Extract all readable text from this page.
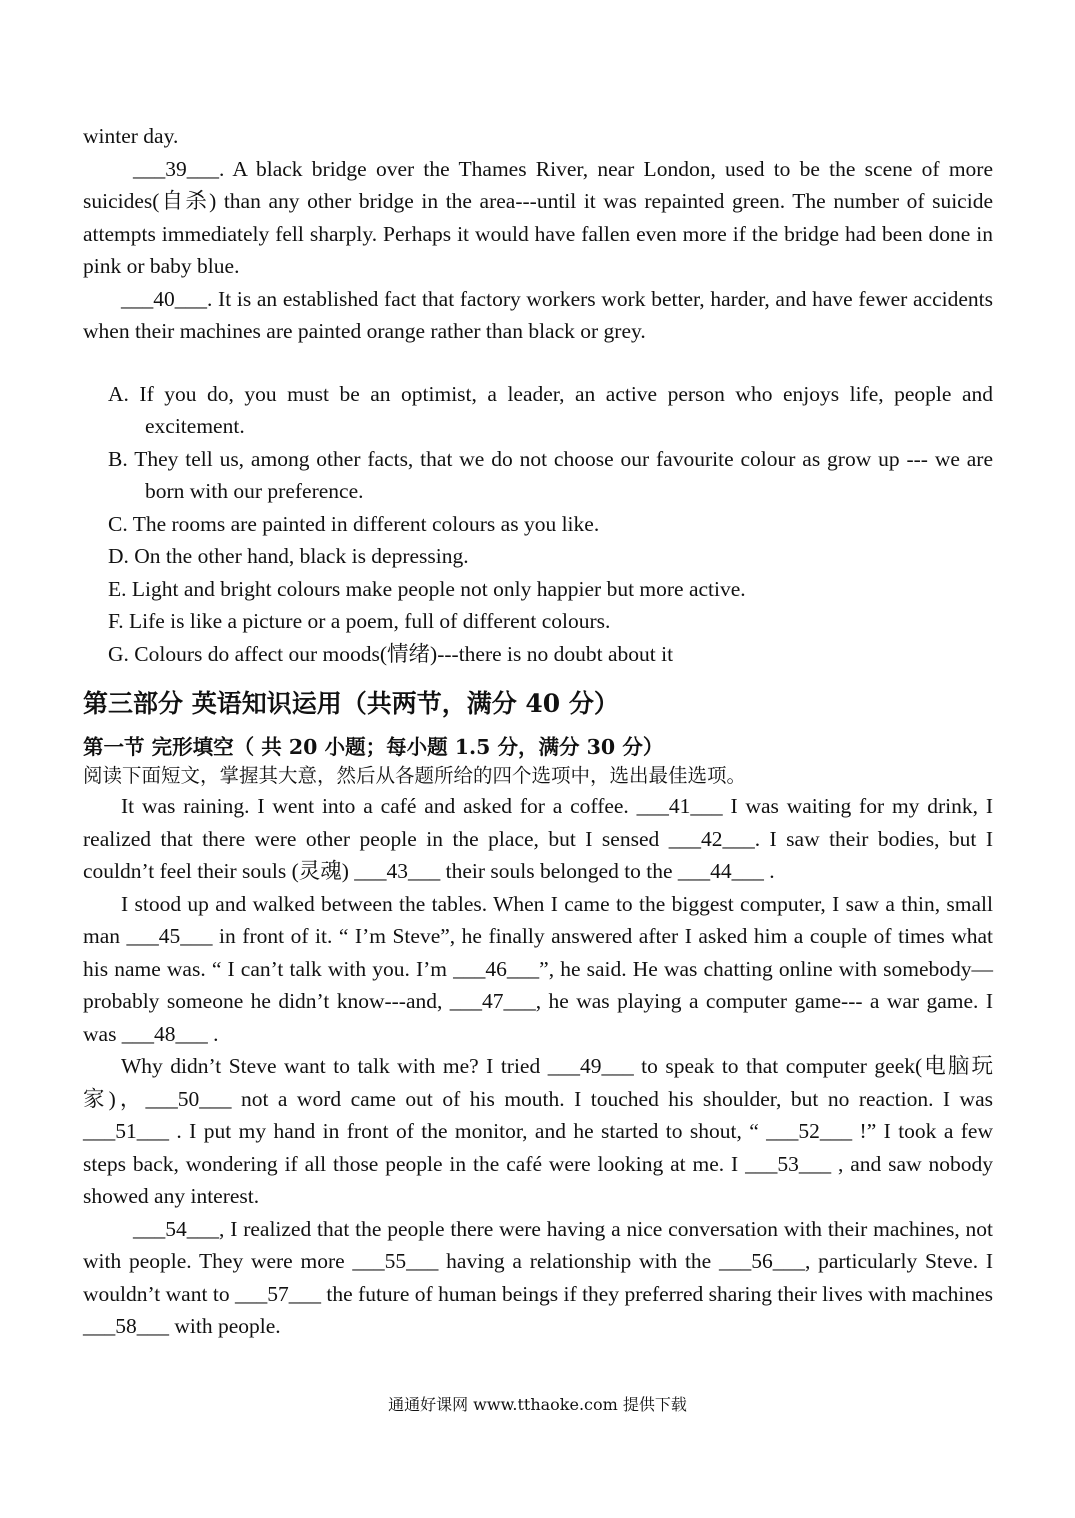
winter day.

___39___. A black bridge over the Thames River, near London, used to be the scene of more suicides(自杀) than any other bridge in the area---until it was repainted green. The number of suicide attempts immediately fell sharply. Perhaps it would have fallen even more if the bridge had been done in pink or baby blue.

___40___. It is an established fact that factory workers work better, harder, and have fewer accidents when their machines are painted orange rather than black or grey.

A. If you do, you must be an optimist, a leader, an active person who enjoys life, people and excitement.

B. They tell us, among other facts, that we do not choose our favourite colour as grow up --- we are born with our preference.

C. The rooms are painted in different colours as you like.

D. On the other hand, black is depressing.

E. Light and bright colours make people not only happier but more active.

F. Life is like a picture or a poem, full of different colours.

G. Colours do affect our moods(情绪)---there is no doubt about it

第三部分 英语知识运用（共两节，满分 40 分）
第一节 完形填空（ 共 20 小题；每小题 1.5 分，满分 30 分）

阅读下面短文，掌握其大意，然后从各题所给的四个选项中，选出最佳选项。

It was raining. I went into a café and asked for a coffee. ___41___ I was waiting for my drink, I realized that there were other people in the place, but I sensed ___42___. I saw their bodies, but I couldn’t feel their souls (灵魂) ___43___ their souls belonged to the ___44___ .

I stood up and walked between the tables. When I came to the biggest computer, I saw a thin, small man ___45___ in front of it. “ I’m Steve”, he finally answered after I asked him a couple of times what his name was. “ I can’t talk with you. I’m ___46___”, he said. He was chatting online with somebody—probably someone he didn’t know---and, ___47___, he was playing a computer game--- a war game. I was ___48___ .

Why didn’t Steve want to talk with me? I tried ___49___ to speak to that computer geek(电脑玩家)，___50___ not a word came out of his mouth. I touched his shoulder, but no reaction. I was ___51___ . I put my hand in front of the monitor, and he started to shout, “ ___52___ !” I took a few steps back, wondering if all those people in the café were looking at me. I ___53___ , and saw nobody showed any interest.

___54___, I realized that the people there were having a nice conversation with their machines, not with people. They were more ___55___ having a relationship with the ___56___, particularly Steve. I wouldn’t want to ___57___ the future of human beings if they preferred sharing their lives with machines ___58___ with people.

通通好课网 www.tthaoke.com 提供下载
